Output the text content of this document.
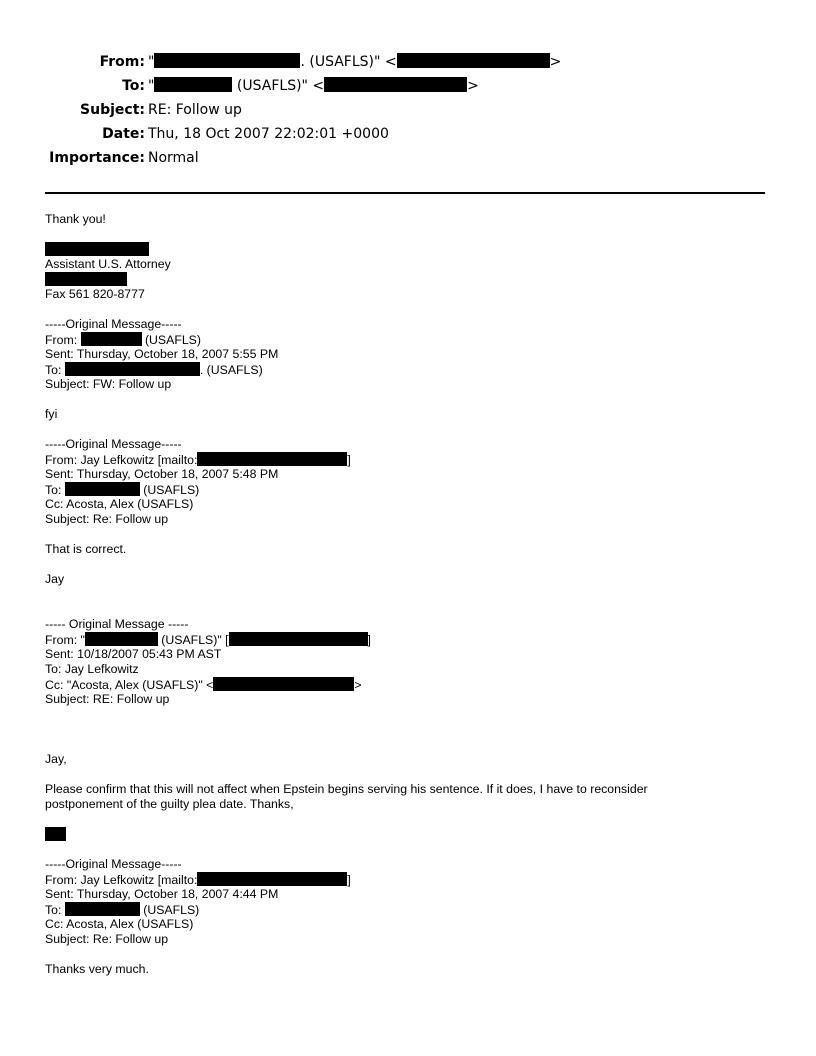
From: "	. (USAFLS)" <	>
To: "	(USAFLS)" <	>
Subject: RE: Follow up
Date: Thu, 18 Oct 2007 22:02:01 +0000
Importance: Normal
Thank you!
Assistant U.S. Attorney
Fax 561 820-8777
-----Original Message-----
From:	(USAFLS)
Sent: Thursday, October 18, 2007 5:55 PM
To:	. (USAFLS)
Subject: FW: Follow up
fyi
-----Original Message-----
From: Jay Lefkowitz [mailto:	]
Sent: Thursday, October 18, 2007 5:48 PM
To:	(USAFLS)
Cc: Acosta, Alex (USAFLS)
Subject: Re: Follow up
That is correct.
Jay
----- Original Message -----
From: "	(USAFLS)" [	]
Sent: 10/18/2007 05:43 PM AST
To: Jay Lefkowitz
Cc: "Acosta, Alex (USAFLS)" <	>
Subject: RE: Follow up
Jay,
Please confirm that this will not affect when Epstein begins serving his sentence. If it does, I have to reconsider postponement of the guilty plea date. Thanks,
-----Original Message-----
From: Jay Lefkowitz [mailto:	]
Sent: Thursday, October 18, 2007 4:44 PM
To:	(USAFLS)
Cc: Acosta, Alex (USAFLS)
Subject: Re: Follow up
Thanks very much.
